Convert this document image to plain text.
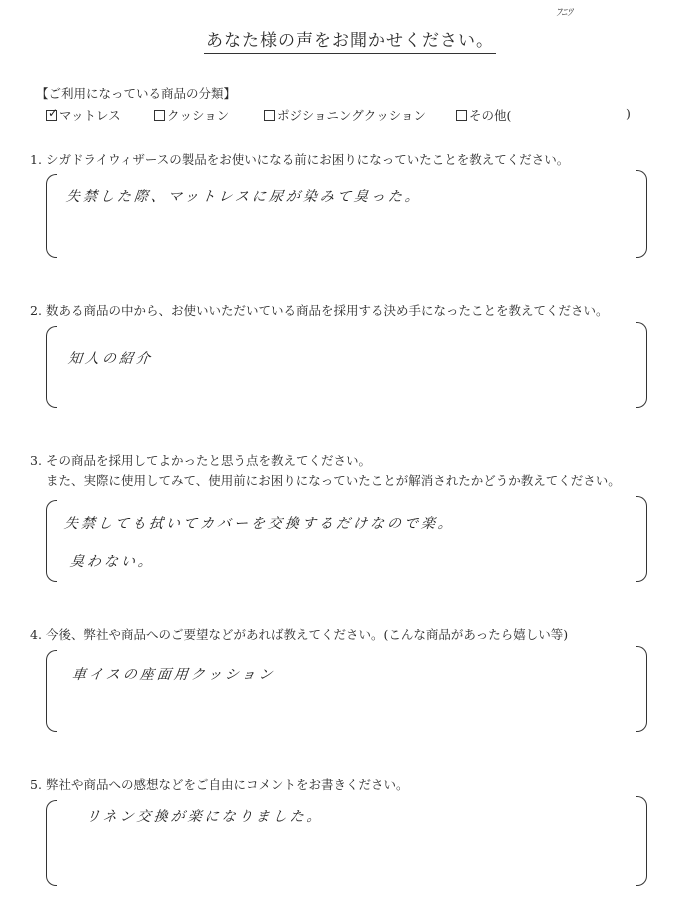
ﾌﾆﾂ
あなた様の声をお聞かせください。
【ご利用になっている商品の分類】
✓ マットレス	クッション	ポジショニングクッション	その他(	)
1. シガドライウィザースの製品をお使いになる前にお困りになっていたことを教えてください。
失禁した際、マットレスに尿が染みて臭った。
2. 数ある商品の中から、お使いいただいている商品を採用する決め手になったことを教えてください。
知人の紹介
3. その商品を採用してよかったと思う点を教えてください。
また、実際に使用してみて、使用前にお困りになっていたことが解消されたかどうか教えてください。
失禁しても拭いてカバーを交換するだけなので楽。
臭わない。
4. 今後、弊社や商品へのご要望などがあれば教えてください。(こんな商品があったら嬉しい等)
車イスの座面用クッション
5. 弊社や商品への感想などをご自由にコメントをお書きください。
リネン交換が楽になりました。
